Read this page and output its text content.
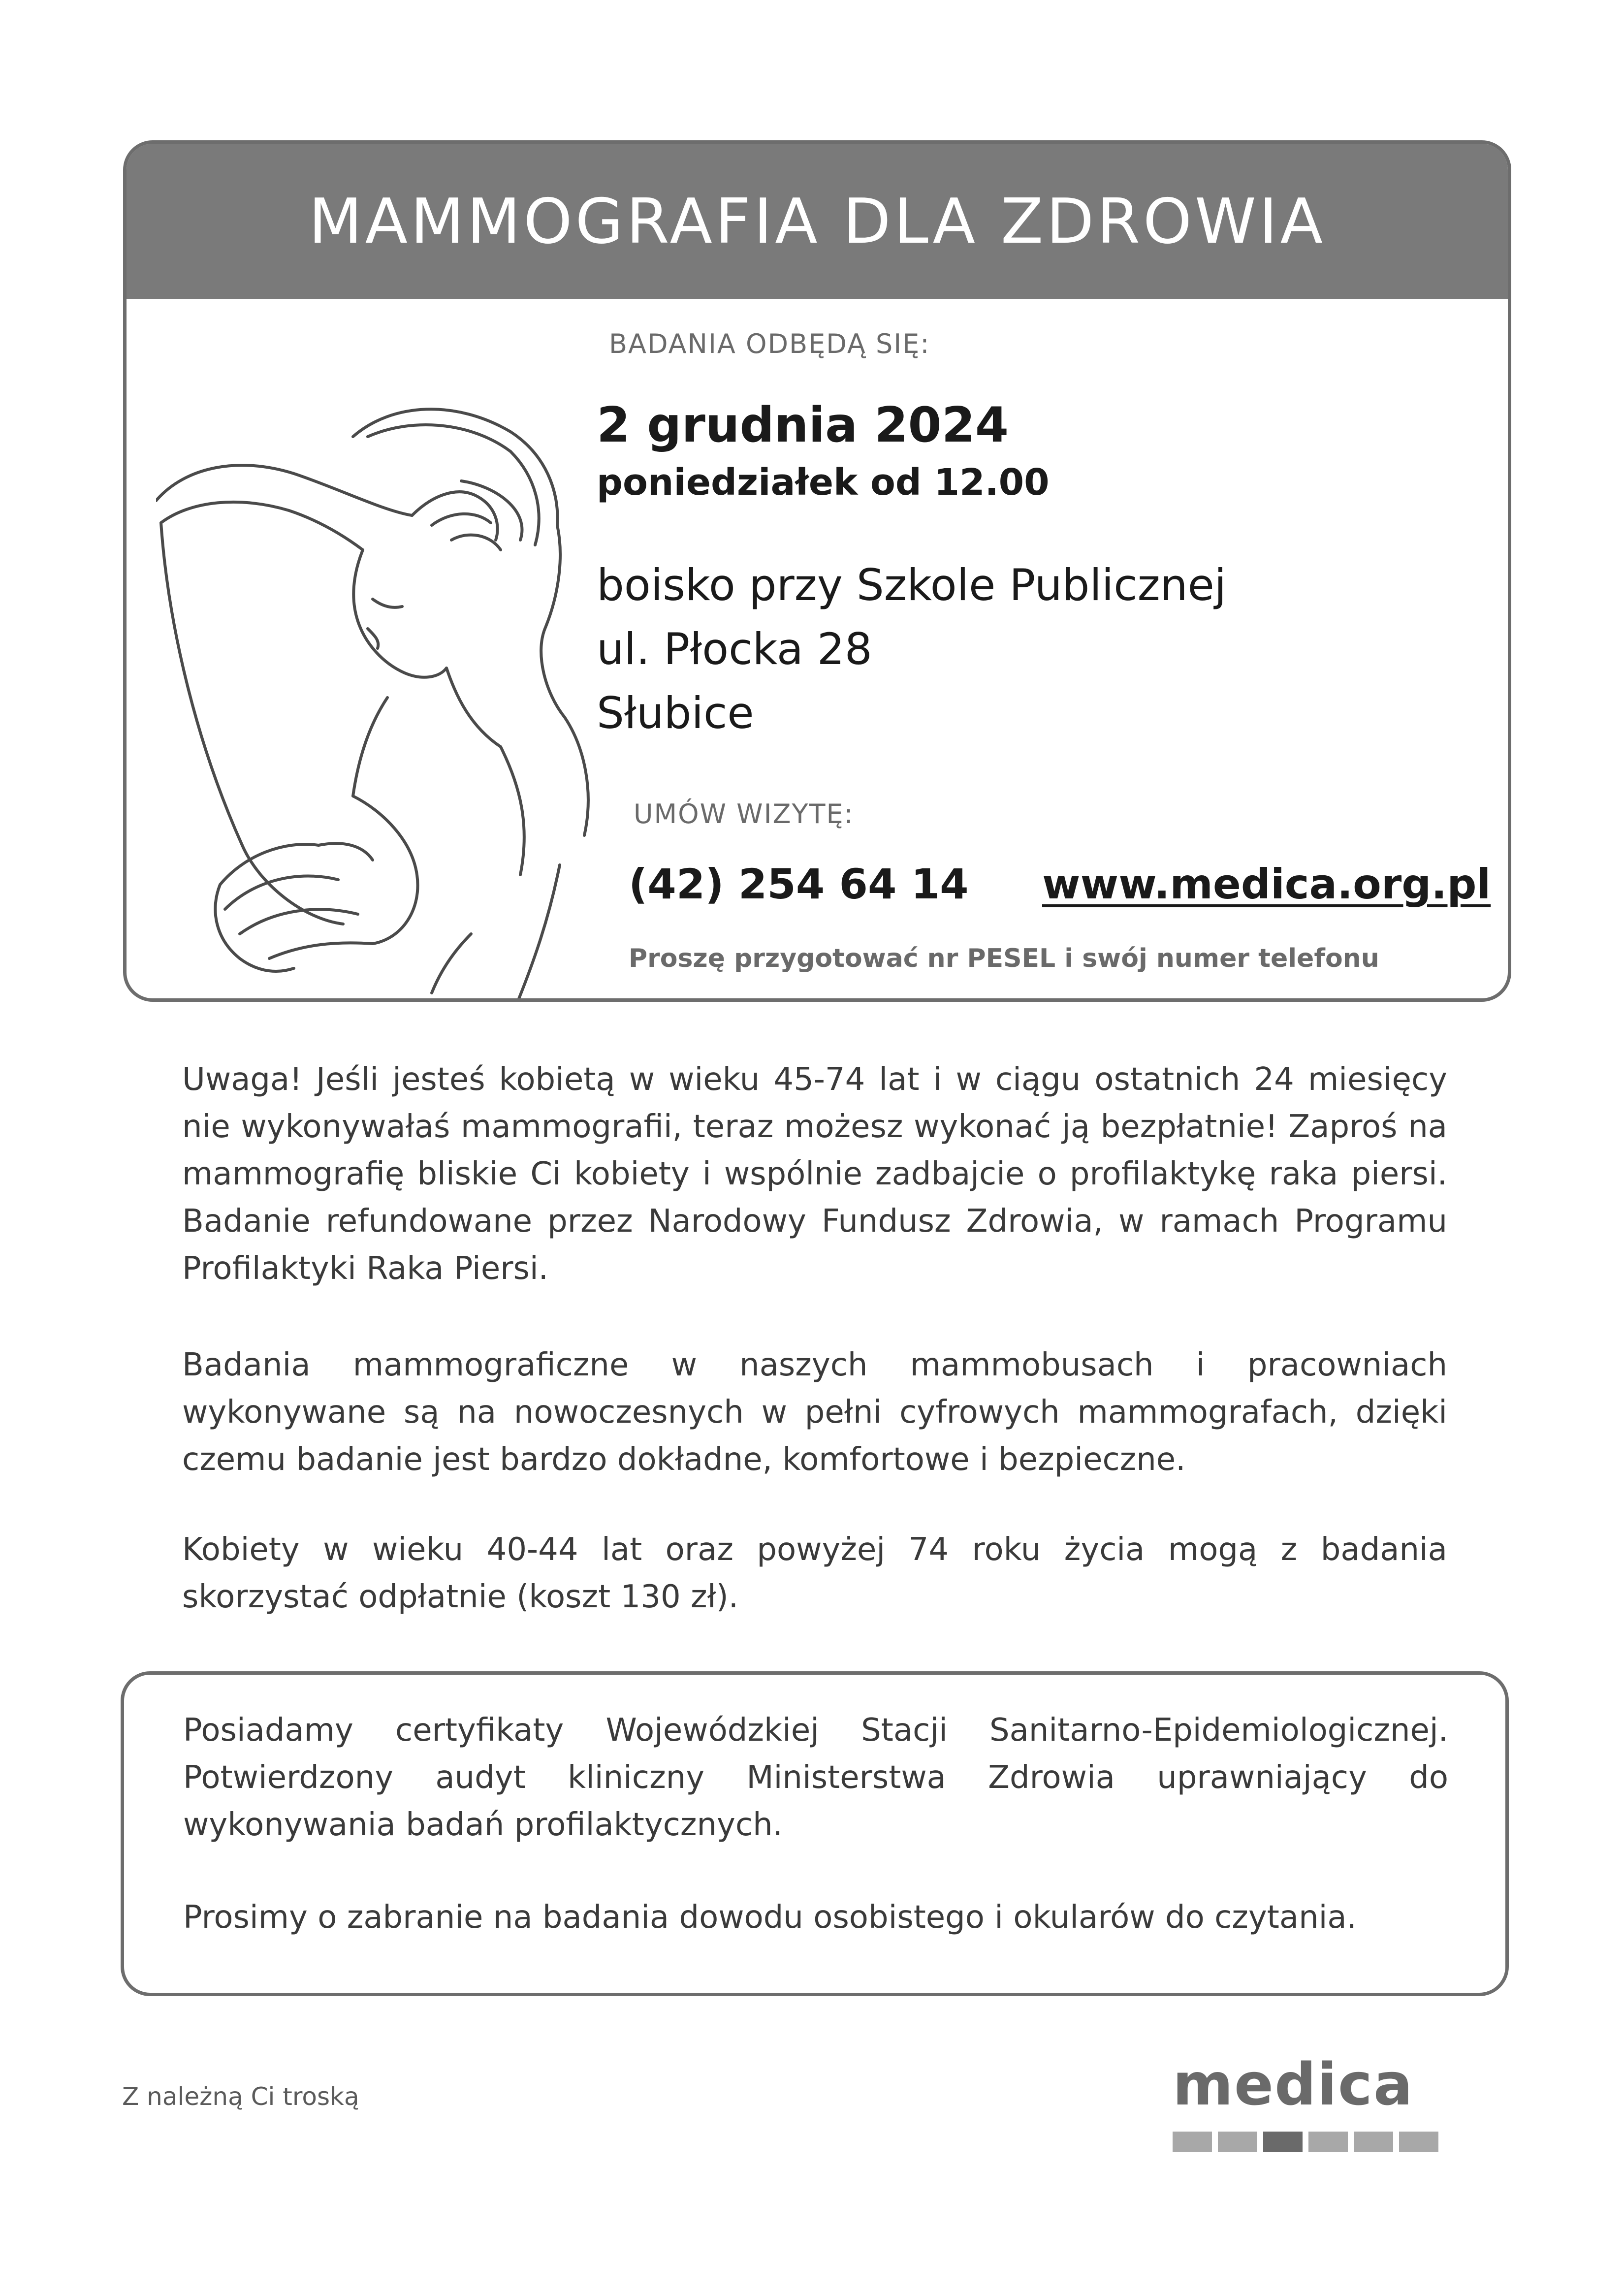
MAMMOGRAFIA DLA ZDROWIA
BADANIA ODBĘDĄ SIĘ:
2 grudnia 2024
poniedziałek od 12.00
boisko przy Szkole Publicznej
ul. Płocka 28
Słubice
UMÓW WIZYTĘ:
(42) 254 64 14 www.medica.org.pl
Proszę przygotować nr PESEL i swój numer telefonu

Uwaga! Jeśli jesteś kobietą w wieku 45-74 lat i w ciągu ostatnich 24 miesięcy nie wykonywałaś mammografii, teraz możesz wykonać ją bezpłatnie! Zaproś na mammografię bliskie Ci kobiety i wspólnie zadbajcie o profilaktykę raka piersi. Badanie refundowane przez Narodowy Fundusz Zdrowia, w ramach Programu Profilaktyki Raka Piersi.

Badania mammograficzne w naszych mammobusach i pracowniach wykonywane są na nowoczesnych w pełni cyfrowych mammografach, dzięki czemu badanie jest bardzo dokładne, komfortowe i bezpieczne.

Kobiety w wieku 40-44 lat oraz powyżej 74 roku życia mogą z badania skorzystać odpłatnie (koszt 130 zł).

Posiadamy certyfikaty Wojewódzkiej Stacji Sanitarno-Epidemiologicznej. Potwierdzony audyt kliniczny Ministerstwa Zdrowia uprawniający do wykonywania badań profilaktycznych.

Prosimy o zabranie na badania dowodu osobistego i okularów do czytania.

Z należną Ci troską	medica
